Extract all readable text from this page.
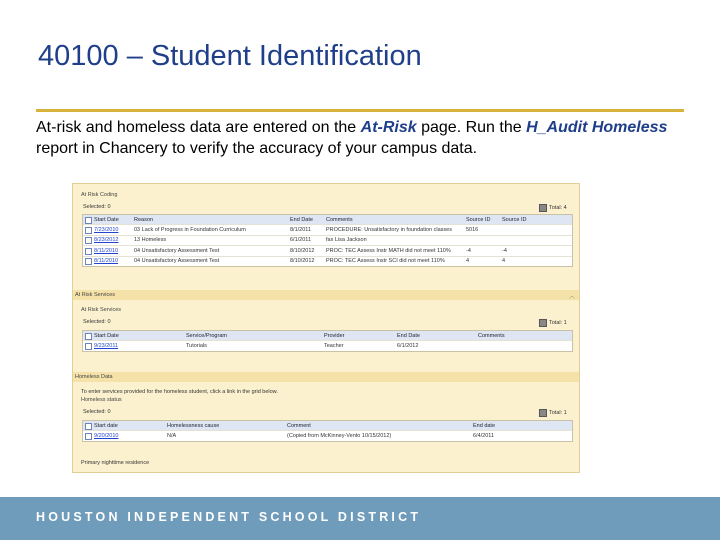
40100 – Student Identification
At-risk and homeless data are entered on the At-Risk page. Run the H_Audit Homeless report in Chancery to verify the accuracy of your campus data.
At Risk Coding
Selected: 0	Total: 4
Start Date	Reason	End Date	Comments	Source ID	Source ID
7/23/2010	03 Lack of Progress in Foundation Curriculum	8/1/2011	PROCEDURE: Unsatisfactory in foundation classes	5016
8/23/2012	13 Homeless	6/1/2011	fax Lisa Jackson
8/11/2010	04 Unsatisfactory Assessment Test	8/10/2012	PROC: TEC Assess Instr MATH did not meet 110%	-4	-4
8/11/2010	04 Unsatisfactory Assessment Test	8/10/2012	PROC: TEC Assess Instr SCI did not meet 110%	4	4
At Risk Services	︿
At Risk Services
Selected: 0	Total: 1
Start Date	Service/Program	Provider	End Date	Comments
9/23/2011	Tutorials	Teacher	6/1/2012
Homeless Data
To enter services provided for the homeless student, click a link in the grid below.
Homeless status
Selected: 0	Total: 1
Start date	Homelessness cause	Comment	End date
9/20/2010	N/A	(Copied from McKinney-Vento 10/15/2012)	6/4/2011
Primary nighttime residence
HOUSTON INDEPENDENT SCHOOL DISTRICT
